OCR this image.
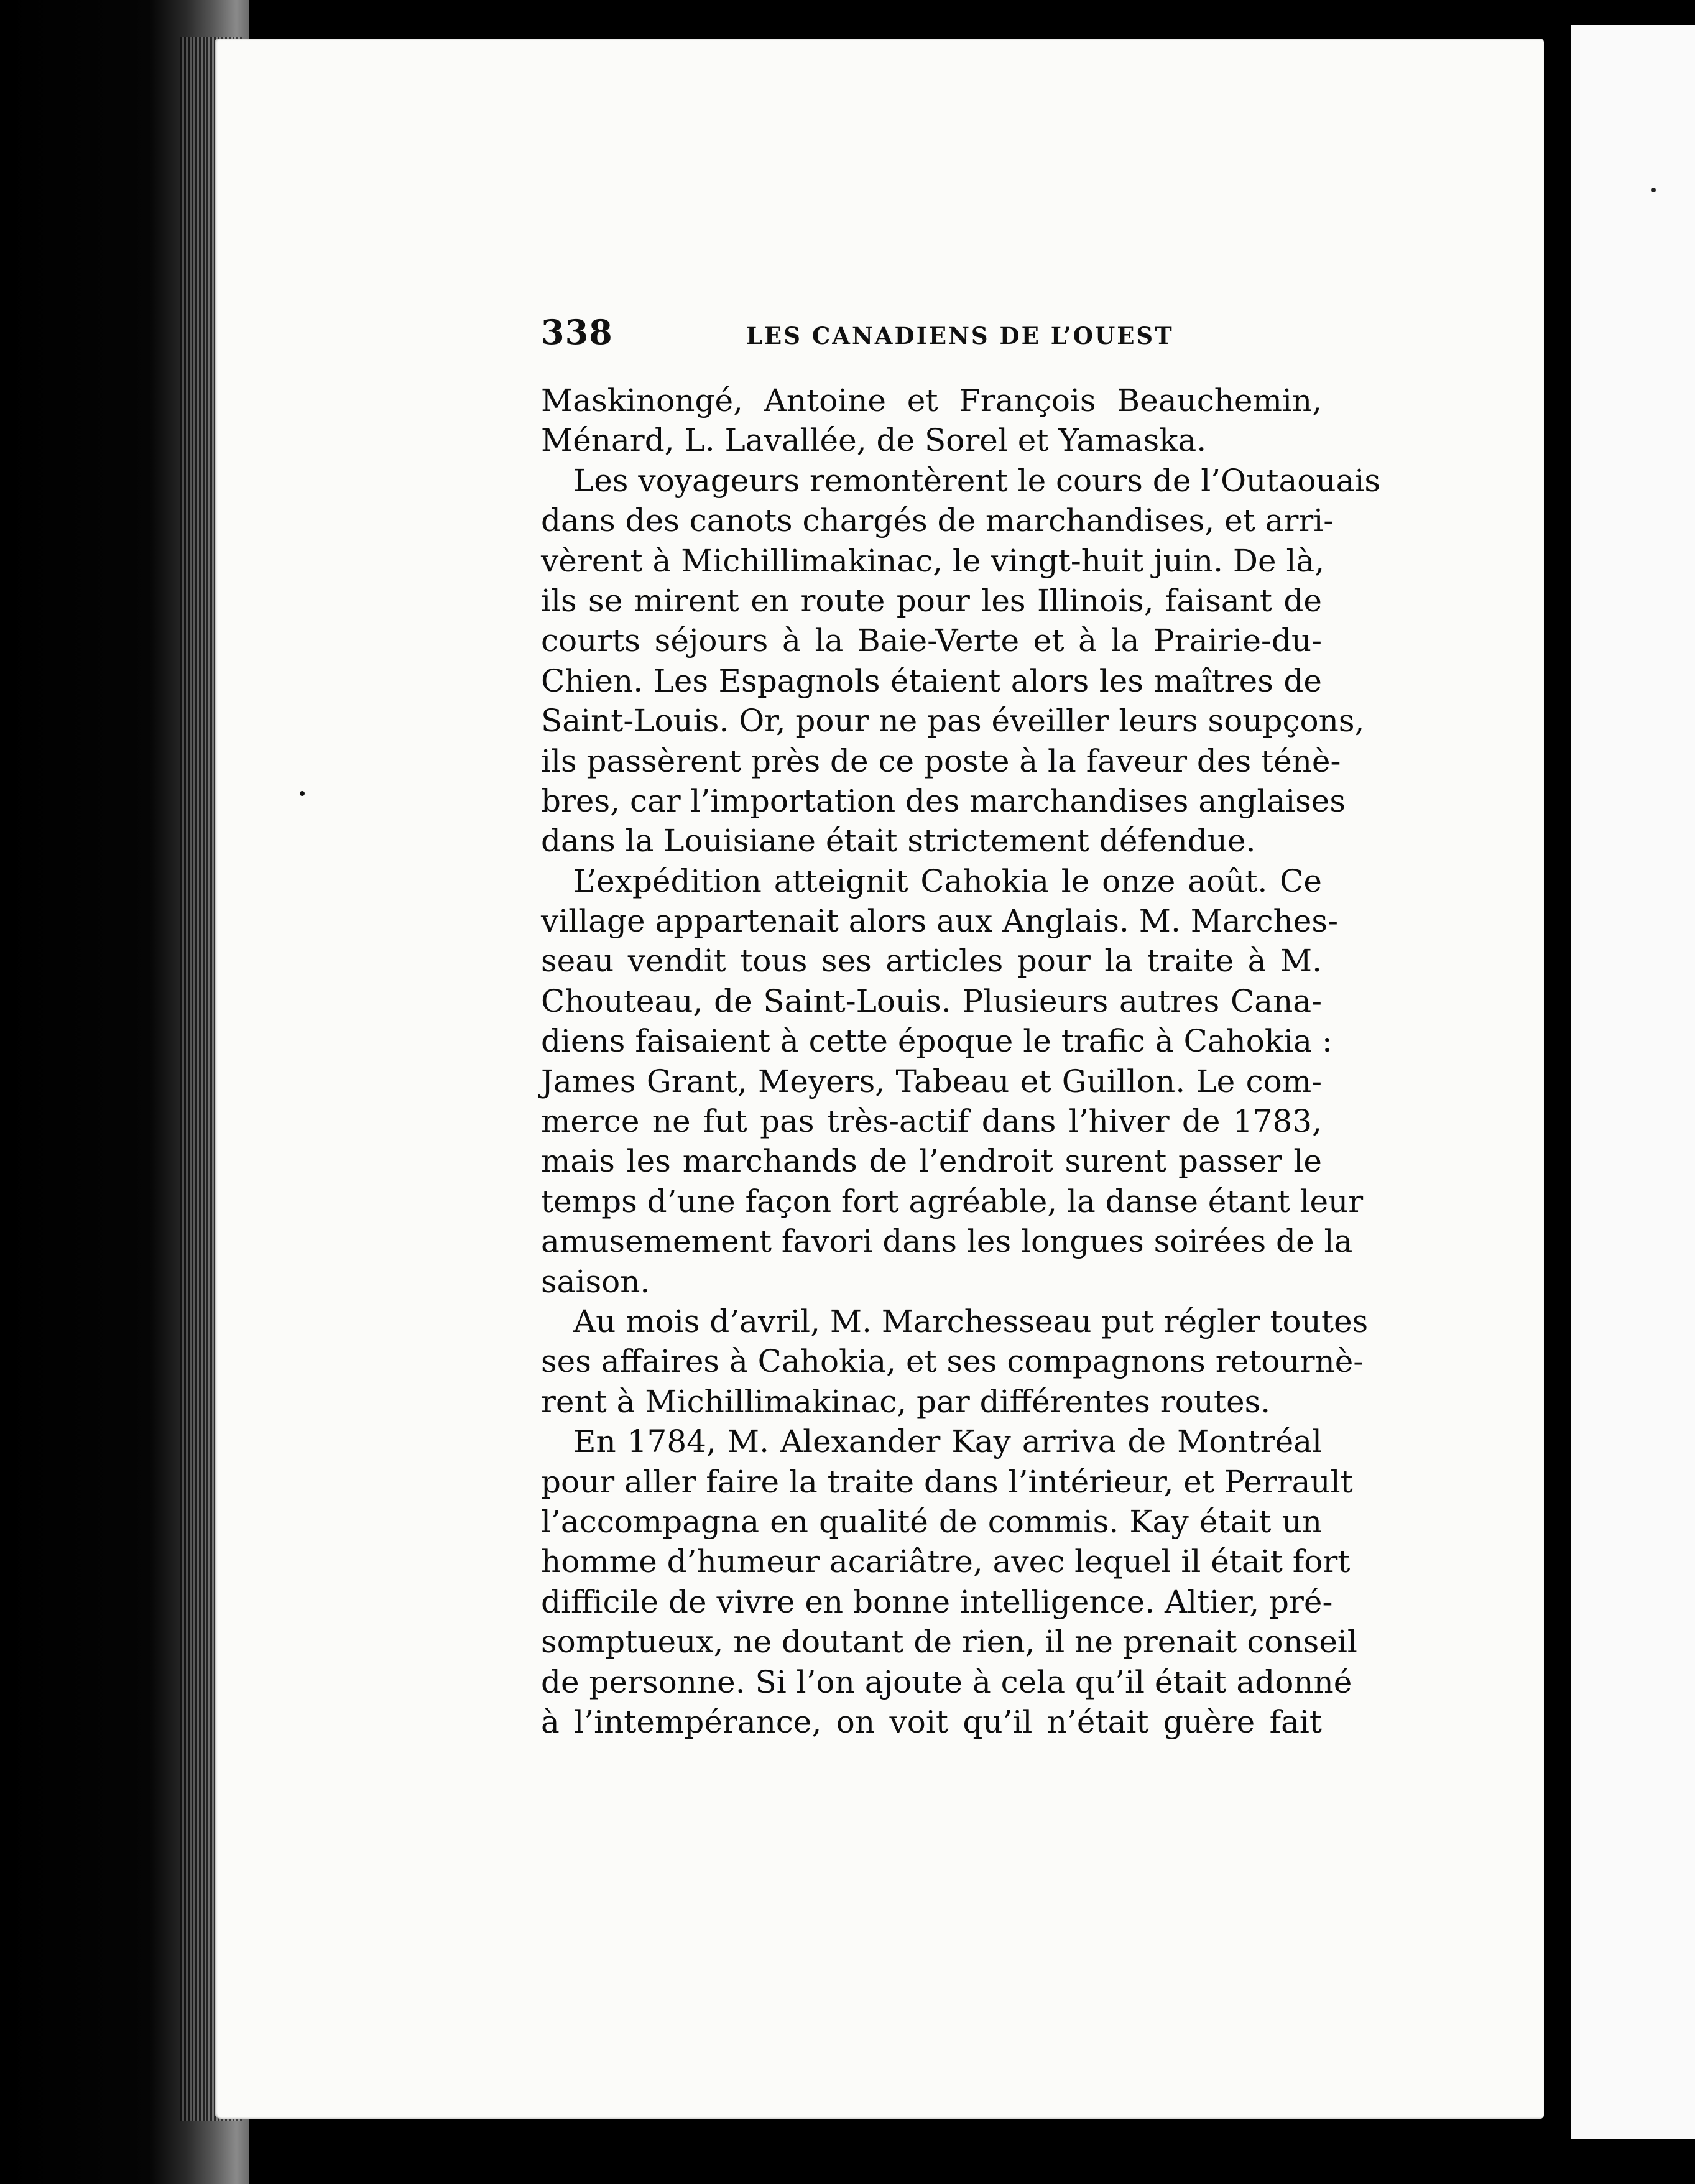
338	LES CANADIENS DE L’OUEST
Maskinongé, Antoine et François Beauchemin,
Ménard, L. Lavallée, de Sorel et Yamaska.
Les voyageurs remontèrent le cours de l’Outaouais
dans des canots chargés de marchandises, et arri-
vèrent à Michillimakinac, le vingt-huit juin. De là,
ils se mirent en route pour les Illinois, faisant de
courts séjours à la Baie-Verte et à la Prairie-du-
Chien. Les Espagnols étaient alors les maîtres de
Saint-Louis. Or, pour ne pas éveiller leurs soupçons,
ils passèrent près de ce poste à la faveur des ténè-
bres, car l’importation des marchandises anglaises
dans la Louisiane était strictement défendue.
L’expédition atteignit Cahokia le onze août. Ce
village appartenait alors aux Anglais. M. Marches-
seau vendit tous ses articles pour la traite à M.
Chouteau, de Saint-Louis. Plusieurs autres Cana-
diens faisaient à cette époque le trafic à Cahokia :
James Grant, Meyers, Tabeau et Guillon. Le com-
merce ne fut pas très-actif dans l’hiver de 1783,
mais les marchands de l’endroit surent passer le
temps d’une façon fort agréable, la danse étant leur
amusemement favori dans les longues soirées de la
saison.
Au mois d’avril, M. Marchesseau put régler toutes
ses affaires à Cahokia, et ses compagnons retournè-
rent à Michillimakinac, par différentes routes.
En 1784, M. Alexander Kay arriva de Montréal
pour aller faire la traite dans l’intérieur, et Perrault
l’accompagna en qualité de commis. Kay était un
homme d’humeur acariâtre, avec lequel il était fort
difficile de vivre en bonne intelligence. Altier, pré-
somptueux, ne doutant de rien, il ne prenait conseil
de personne. Si l’on ajoute à cela qu’il était adonné
à l’intempérance, on voit qu’il n’était guère fait
